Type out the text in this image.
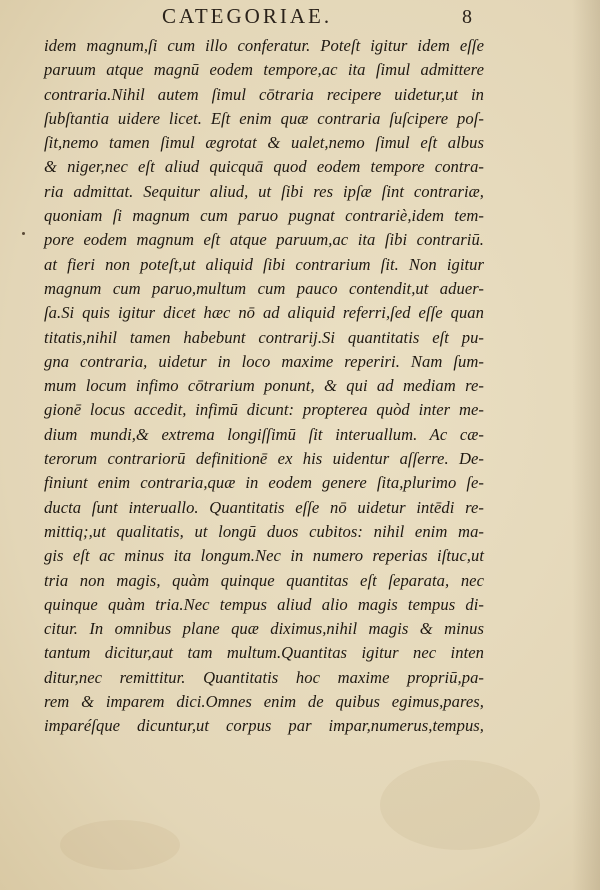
CATEGORIAE.	8
idem magnum,ſi cum illo conferatur. Poteſt igitur idem eſſe
paruum atque magnū eodem tempore,ac ita ſimul admittere
contraria.Nihil autem ſimul cōtraria recipere uidetur,ut in
ſubſtantia uidere licet. Eſt enim quæ contraria ſuſcipere poſ-
ſit,nemo tamen ſimul ægrotat & ualet,nemo ſimul eſt albus
& niger,nec eſt aliud quicquā quod eodem tempore contra-
ria admittat. Sequitur aliud, ut ſibi res ipſæ ſint contrariæ,
quoniam ſi magnum cum paruo pugnat contrariè,idem tem-
pore eodem magnum eſt atque paruum,ac ita ſibi contrariū.
at fieri non poteſt,ut aliquid ſibi contrarium ſit. Non igitur
magnum cum paruo,multum cum pauco contendit,ut aduer-
ſa.Si quis igitur dicet hæc nō ad aliquid referri,ſed eſſe quan
titatis,nihil tamen habebunt contrarij.Si quantitatis eſt pu-
gna contraria, uidetur in loco maxime reperiri. Nam ſum-
mum locum infimo cōtrarium ponunt, & qui ad mediam re-
gionē locus accedit, infimū dicunt: propterea quòd inter me-
dium mundi,& extrema longiſſimū ſit interuallum. Ac cæ-
terorum contrariorū definitionē ex his uidentur aſſerre. De-
finiunt enim contraria,quæ in eodem genere ſita,plurimo ſe-
ducta ſunt interuallo. Quantitatis eſſe nō uidetur intēdi re-
mittiq;,ut qualitatis, ut longū duos cubitos: nihil enim ma-
gis eſt ac minus ita longum.Nec in numero reperias iſtuc,ut
tria non magis, quàm quinque quantitas eſt ſeparata, nec
quinque quàm tria.Nec tempus aliud alio magis tempus di-
citur. In omnibus plane quæ diximus,nihil magis & minus
tantum dicitur,aut tam multum.Quantitas igitur nec inten
ditur,nec remittitur. Quantitatis hoc maxime propriū,pa-
rem & imparem dici.Omnes enim de quibus egimus,pares,
imparéſque dicuntur,ut corpus par impar,numerus,tempus,
